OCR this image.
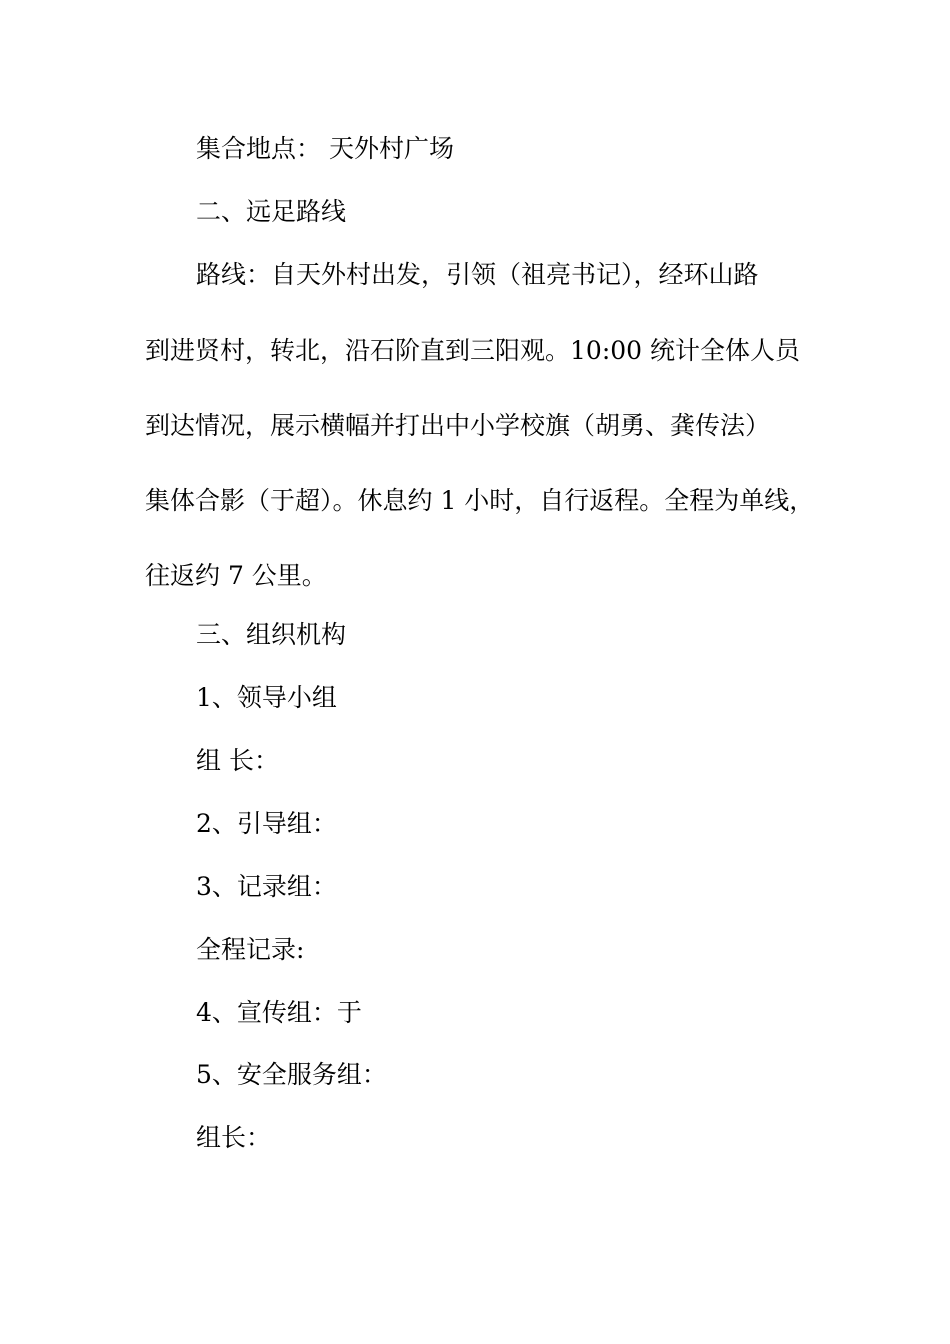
集合地点： 天外村广场
二、远足路线
路线：自天外村出发，引领（祖亮书记），经环山路
到进贤村，转北，沿石阶直到三阳观。10:00 统计全体人员
到达情况，展示横幅并打出中小学校旗（胡勇、龚传法）
集体合影（于超）。休息约 1 小时，自行返程。全程为单线，
往返约 7 公里。
三、组织机构
1、领导小组
组 长：
2、引导组：
3、记录组：
全程记录:
4、宣传组：于
5、安全服务组：
组长：
